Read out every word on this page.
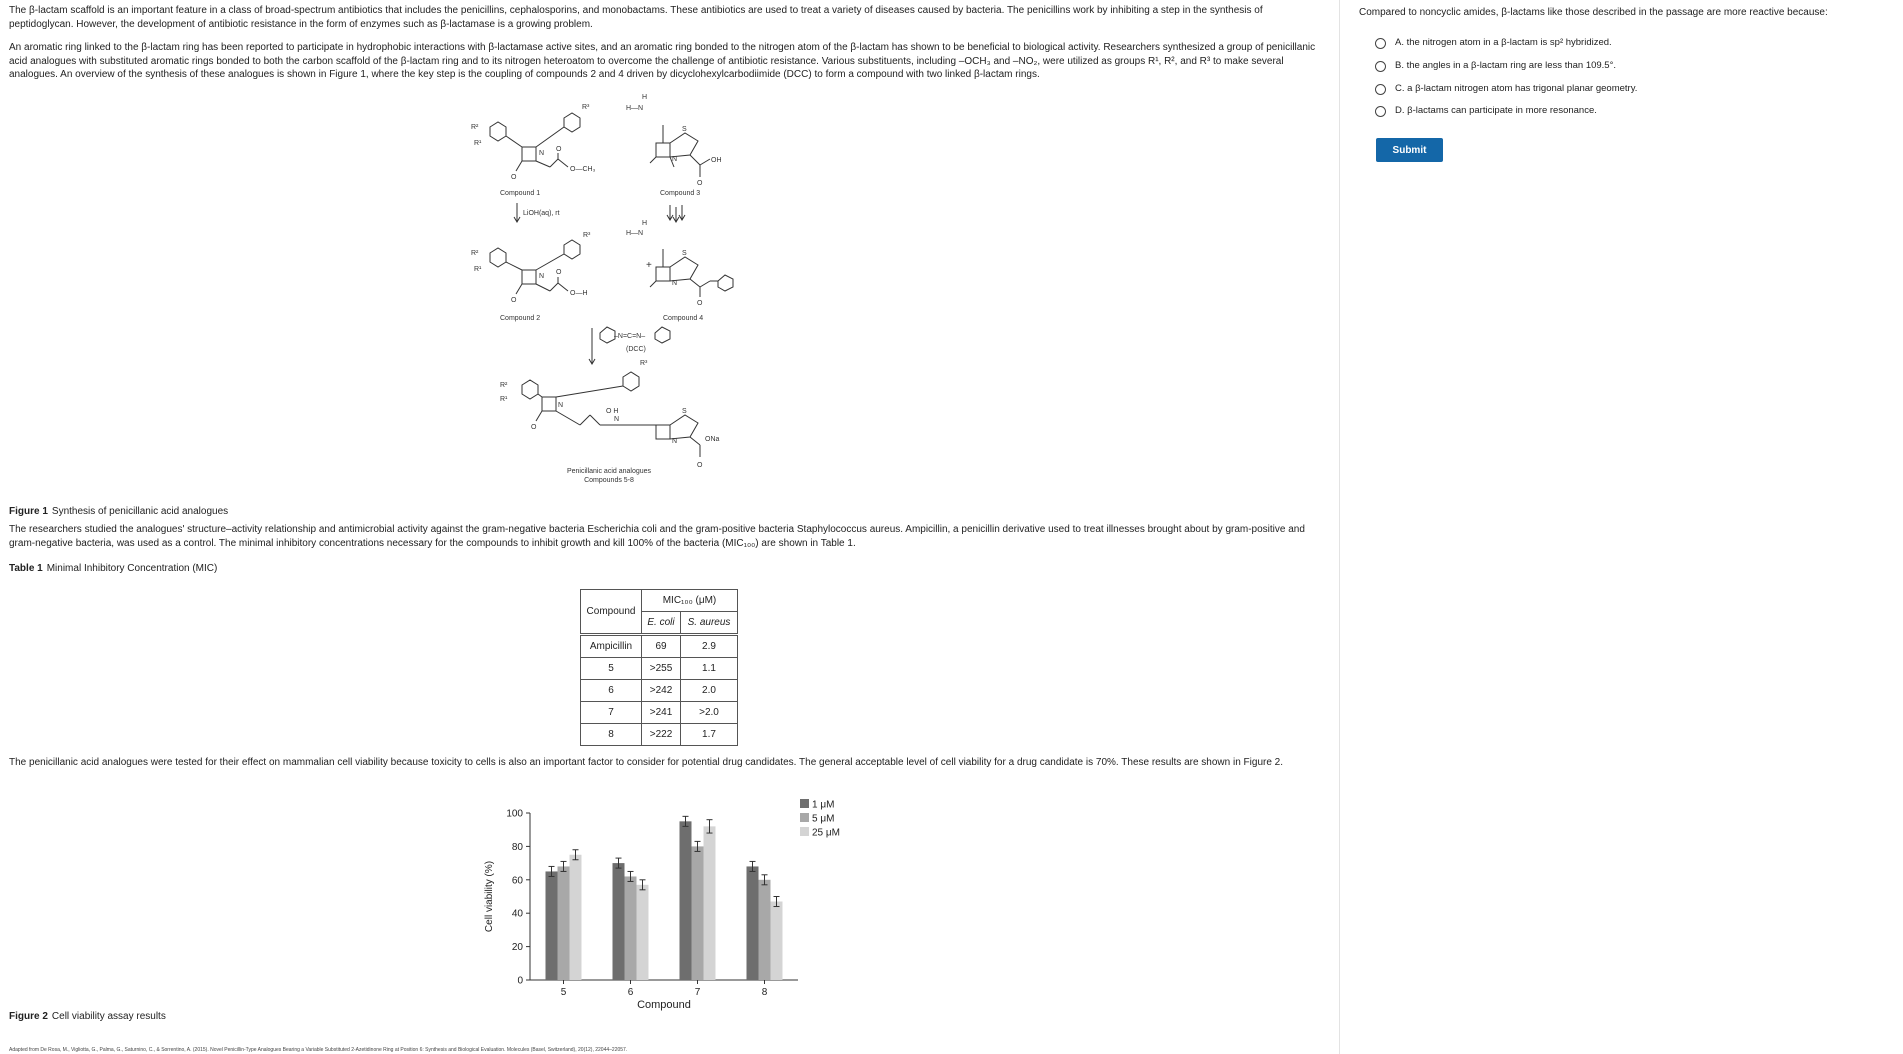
The β-lactam scaffold is an important feature in a class of broad-spectrum antibiotics that includes the penicillins, cephalosporins, and monobactams. These antibiotics are used to treat a variety of diseases caused by bacteria. The penicillins work by inhibiting a step in the synthesis of peptidoglycan. However, the development of antibiotic resistance in the form of enzymes such as β-lactamase is a growing problem.

An aromatic ring linked to the β-lactam ring has been reported to participate in hydrophobic interactions with β-lactamase active sites, and an aromatic ring bonded to the nitrogen atom of the β-lactam has shown to be beneficial to biological activity. Researchers synthesized a group of penicillanic acid analogues with substituted aromatic rings bonded to both the carbon scaffold of the β-lactam ring and to its nitrogen heteroatom to overcome the challenge of antibiotic resistance. Various substituents, including –OCH₃ and –NO₂, were utilized as groups R¹, R², and R³ to make several analogues. An overview of the synthesis of these analogues is shown in Figure 1, where the key step is the coupling of compounds 2 and 4 driven by dicyclohexylcarbodiimide (DCC) to form a compound with two linked β-lactam rings.

R²
R¹
R³
N
O
O
O—CH₃
Compound 1
H
H—N
S
N	OH
O
Compound 3
LiOH(aq), rt
R²
R¹
R³
N
O
O
O—H
Compound 2
+
H
H—N
S
N
O
Compound 4
–N=C=N–
(DCC)
R²
R¹
R³
N
O
O H
N
S
N	ONa
O
Penicillanic acid analogues
Compounds 5-8

Figure 1 Synthesis of penicillanic acid analogues

The researchers studied the analogues' structure–activity relationship and antimicrobial activity against the gram-negative bacteria Escherichia coli and the gram-positive bacteria Staphylococcus aureus. Ampicillin, a penicillin derivative used to treat illnesses brought about by gram-positive and gram-negative bacteria, was used as a control. The minimal inhibitory concentrations necessary for the compounds to inhibit growth and kill 100% of the bacteria (MIC₁₀₀) are shown in Table 1.

Table 1 Minimal Inhibitory Concentration (MIC)

Compound	MIC₁₀₀ (μM)	
	E. coli	S. aureus
Ampicillin	69	2.9
5	>255	1.1
6	>242	2.0
7	>241	>2.0
8	>222	1.7

The penicillanic acid analogues were tested for their effect on mammalian cell viability because toxicity to cells is also an important factor to consider for potential drug candidates. The general acceptable level of cell viability for a drug candidate is 70%. These results are shown in Figure 2.

0
20
40
60
80
100
Cell viability (%)
5	6	7	8
Compound
1 μM
5 μM
25 μM

Figure 2 Cell viability assay results

Adapted from De Rosa, M., Vigliotta, G., Palma, G., Saturnino, C., & Sorrentino, A. (2015). Novel Penicillin-Type Analogues Bearing a Variable Substituted 2-Azetidinone Ring at Position 6: Synthesis and Biological Evaluation. Molecules (Basel, Switzerland), 20(12), 22044–22057.

Compared to noncyclic amides, β-lactams like those described in the passage are more reactive because:

A. the nitrogen atom in a β-lactam is sp² hybridized.
B. the angles in a β-lactam ring are less than 109.5°.
C. a β-lactam nitrogen atom has trigonal planar geometry.
D. β-lactams can participate in more resonance.
Submit
